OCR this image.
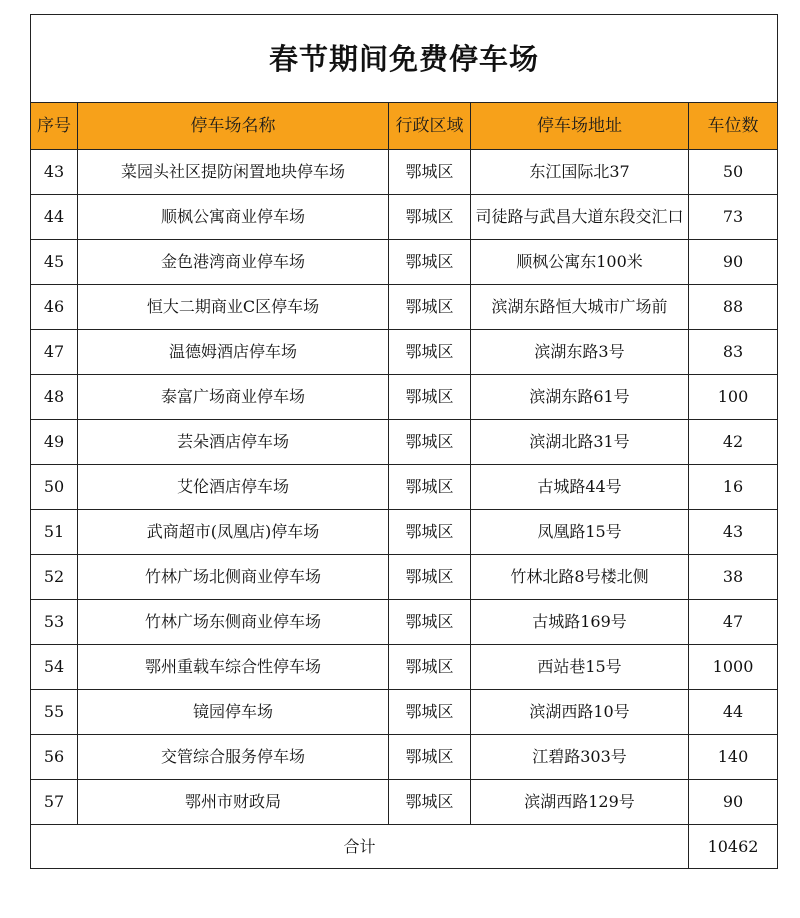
春节期间免费停车场				
序号	停车场名称	行政区域	停车场地址	车位数
43	菜园头社区提防闲置地块停车场	鄂城区	东江国际北37	50
44	顺枫公寓商业停车场	鄂城区	司徒路与武昌大道东段交汇口	73
45	金色港湾商业停车场	鄂城区	顺枫公寓东100米	90
46	恒大二期商业C区停车场	鄂城区	滨湖东路恒大城市广场前	88
47	温德姆酒店停车场	鄂城区	滨湖东路3号	83
48	泰富广场商业停车场	鄂城区	滨湖东路61号	100
49	芸朵酒店停车场	鄂城区	滨湖北路31号	42
50	艾伦酒店停车场	鄂城区	古城路44号	16
51	武商超市(凤凰店)停车场	鄂城区	凤凰路15号	43
52	竹林广场北侧商业停车场	鄂城区	竹林北路8号楼北侧	38
53	竹林广场东侧商业停车场	鄂城区	古城路169号	47
54	鄂州重载车综合性停车场	鄂城区	西站巷15号	1000
55	镜园停车场	鄂城区	滨湖西路10号	44
56	交管综合服务停车场	鄂城区	江碧路303号	140
57	鄂州市财政局	鄂城区	滨湖西路129号	90
合计				10462
